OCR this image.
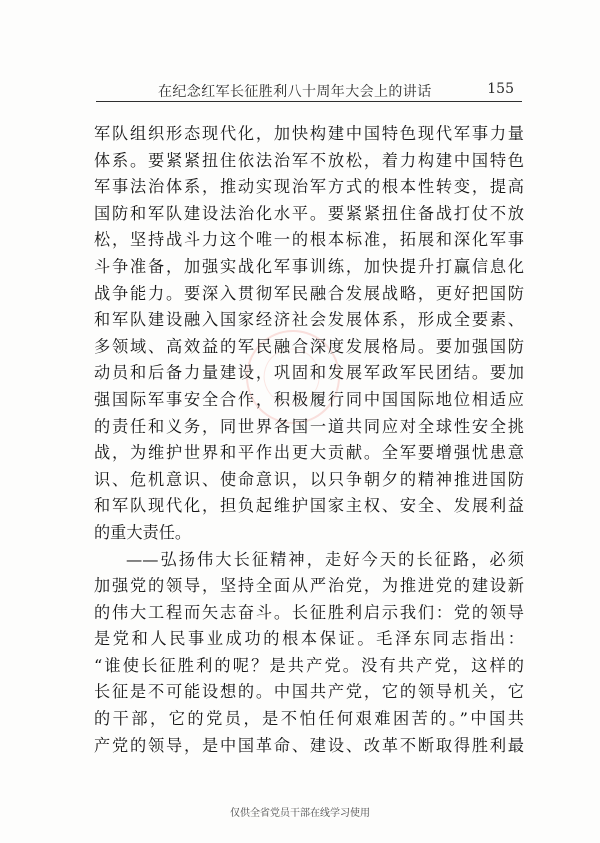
在纪念红军长征胜利八十周年大会上的讲话	155
军队组织形态现代化，加快构建中国特色现代军事力量
体系。要紧紧扭住依法治军不放松，着力构建中国特色
军事法治体系，推动实现治军方式的根本性转变，提高
国防和军队建设法治化水平。要紧紧扭住备战打仗不放
松，坚持战斗力这个唯一的根本标准，拓展和深化军事
斗争准备，加强实战化军事训练，加快提升打赢信息化
战争能力。要深入贯彻军民融合发展战略，更好把国防
和军队建设融入国家经济社会发展体系，形成全要素、
多领域、高效益的军民融合深度发展格局。要加强国防
动员和后备力量建设，巩固和发展军政军民团结。要加
强国际军事安全合作，积极履行同中国国际地位相适应
的责任和义务，同世界各国一道共同应对全球性安全挑
战，为维护世界和平作出更大贡献。全军要增强忧患意
识、危机意识、使命意识，以只争朝夕的精神推进国防
和军队现代化，担负起维护国家主权、安全、发展利益
的重大责任。
——弘扬伟大长征精神，走好今天的长征路，必须
加强党的领导，坚持全面从严治党，为推进党的建设新
的伟大工程而矢志奋斗。长征胜利启示我们：党的领导
是党和人民事业成功的根本保证。毛泽东同志指出：
“谁使长征胜利的呢？是共产党。没有共产党，这样的
长征是不可能设想的。中国共产党，它的领导机关，它
的干部，它的党员，是不怕任何艰难困苦的。”中国共
产党的领导，是中国革命、建设、改革不断取得胜利最
仅供全省党员干部在线学习使用
